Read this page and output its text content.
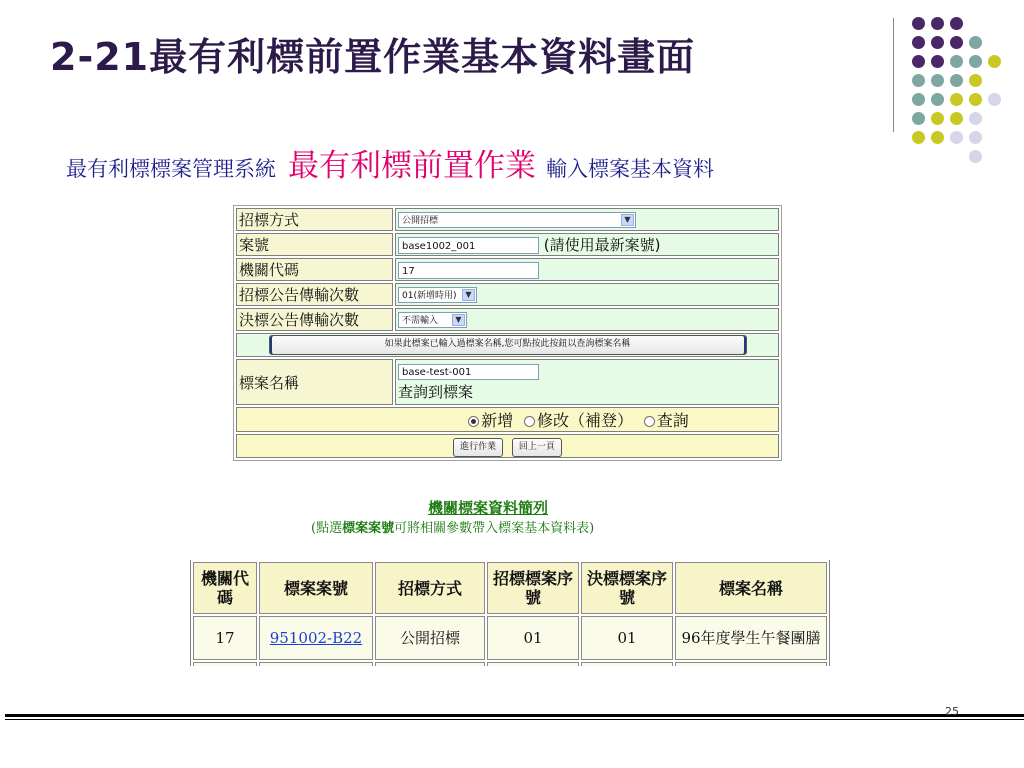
2-21最有利標前置作業基本資料畫面
最有利標標案管理系統 最有利標前置作業 輸入標案基本資料
招標方式	公開招標 ▼

案號	base1002_001 (請使用最新案號)
機關代碼	17
招標公告傳輸次數	01(新增時用) ▼

決標公告傳輸次數	不需輸入 ▼

如果此標案已輸入過標案名稱,您可點按此按鈕以查詢標案名稱	

標案名稱	base-test-001
查詢到標案
新增 修改（補登） 查詢	
進行作業 回上一頁	
機關標案資料簡列
(點選標案案號可將相關參數帶入標案基本資料表)
機關代碼	標案案號	招標方式	招標標案序號	決標標案序號	標案名稱
17	951002-B22	公開招標	01	01	96年度學生午餐團膳

25
